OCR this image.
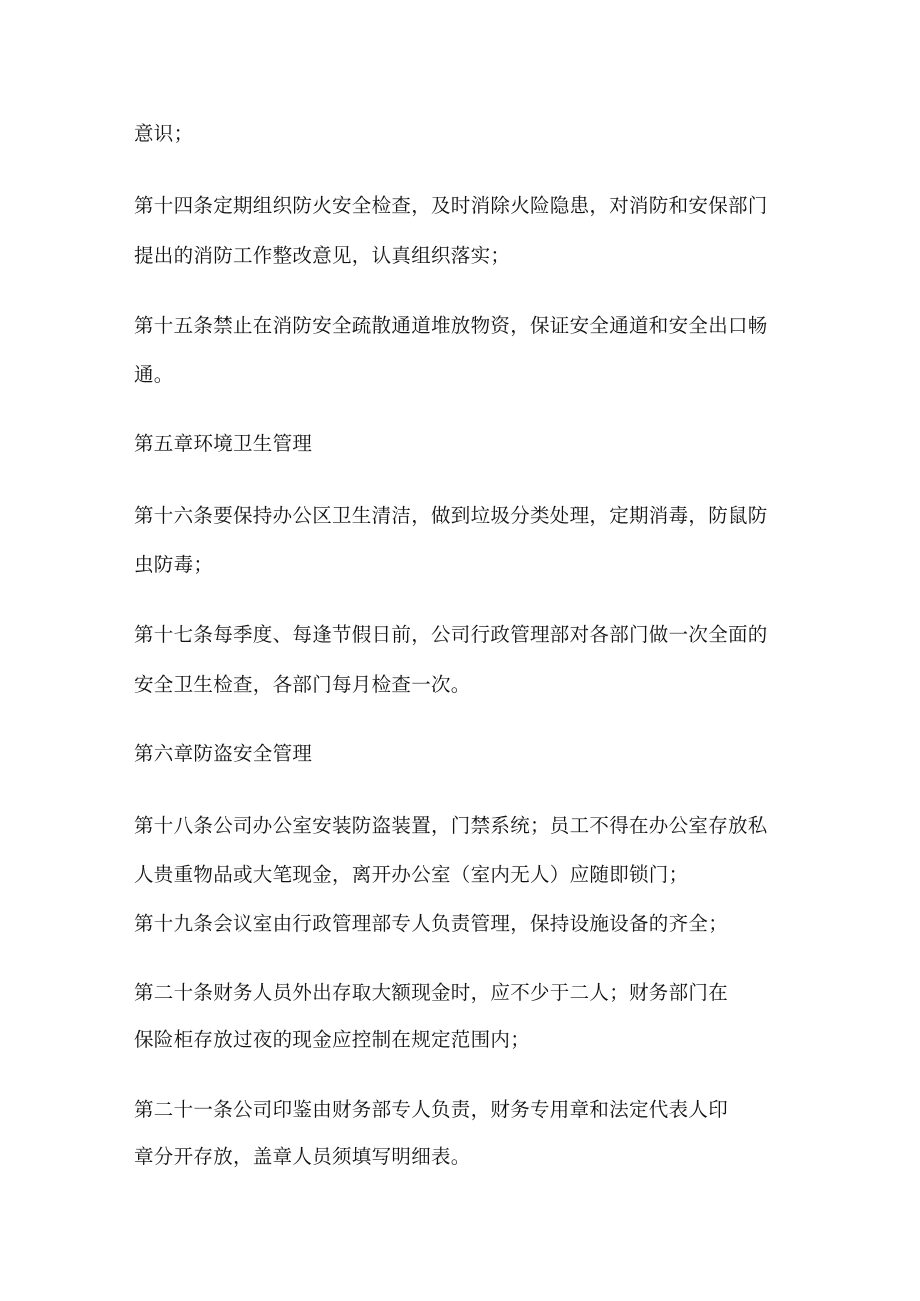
意识；
第十四条定期组织防火安全检查，及时消除火险隐患，对消防和安保部门
提出的消防工作整改意见，认真组织落实；
第十五条禁止在消防安全疏散通道堆放物资，保证安全通道和安全出口畅
通。
第五章环境卫生管理
第十六条要保持办公区卫生清洁，做到垃圾分类处理，定期消毒，防鼠防
虫防毒；
第十七条每季度、每逢节假日前，公司行政管理部对各部门做一次全面的
安全卫生检查，各部门每月检查一次。
第六章防盗安全管理
第十八条公司办公室安装防盗装置，门禁系统；员工不得在办公室存放私
人贵重物品或大笔现金，离开办公室（室内无人）应随即锁门；
第十九条会议室由行政管理部专人负责管理，保持设施设备的齐全；
第二十条财务人员外出存取大额现金时，应不少于二人；财务部门在
保险柜存放过夜的现金应控制在规定范围内；
第二十一条公司印鉴由财务部专人负责，财务专用章和法定代表人印
章分开存放，盖章人员须填写明细表。
